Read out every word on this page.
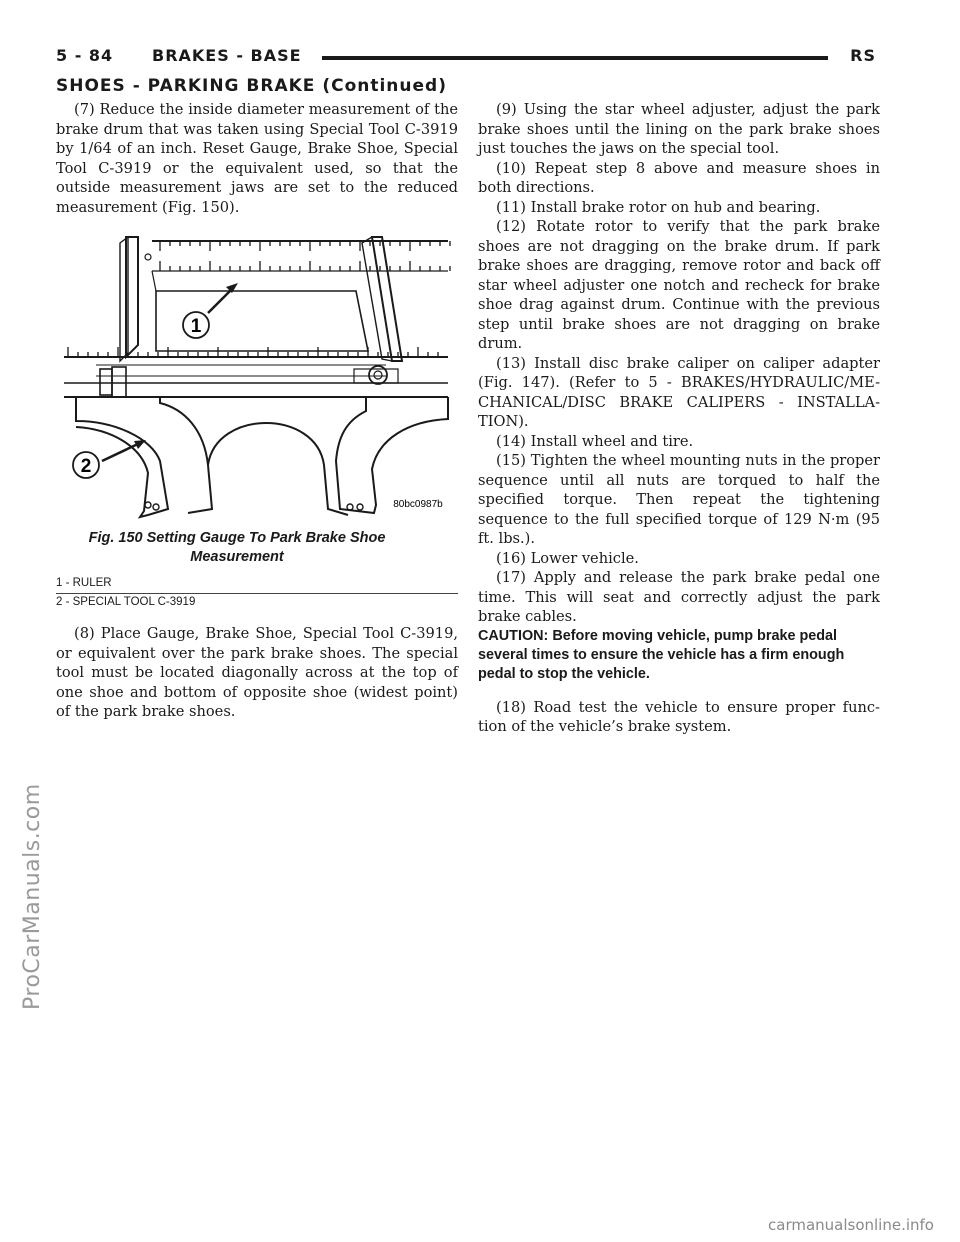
5 - 84 BRAKES - BASE	RS
SHOES - PARKING BRAKE (Continued)

(7) Reduce the inside diameter measurement of the brake drum that was taken using Special Tool C-3919 by 1/64 of an inch. Reset Gauge, Brake Shoe, Special Tool C-3919 or the equivalent used, so that the outside measurement jaws are set to the reduced measurement (Fig. 150).

1
2
80bc0987b
Fig. 150 Setting Gauge To Park Brake Shoe Measurement
1 - RULER
2 - SPECIAL TOOL C-3919

(8) Place Gauge, Brake Shoe, Special Tool C-3919, or equivalent over the park brake shoes. The special tool must be located diagonally across at the top of one shoe and bottom of opposite shoe (widest point) of the park brake shoes.

(9) Using the star wheel adjuster, adjust the park brake shoes until the lining on the park brake shoes just touches the jaws on the special tool.

(10) Repeat step 8 above and measure shoes in both directions.

(11) Install brake rotor on hub and bearing.

(12) Rotate rotor to verify that the park brake shoes are not dragging on the brake drum. If park brake shoes are dragging, remove rotor and back off star wheel adjuster one notch and recheck for brake shoe drag against drum. Continue with the previous step until brake shoes are not dragging on brake drum.

(13) Install disc brake caliper on caliper adapter (Fig. 147). (Refer to 5 - BRAKES/HYDRAULIC/ME-CHANICAL/DISC BRAKE CALIPERS - INSTALLA-TION).

(14) Install wheel and tire.

(15) Tighten the wheel mounting nuts in the proper sequence until all nuts are torqued to half the specified torque. Then repeat the tightening sequence to the full specified torque of 129 N·m (95 ft. lbs.).

(16) Lower vehicle.

(17) Apply and release the park brake pedal one time. This will seat and correctly adjust the park brake cables.

CAUTION: Before moving vehicle, pump brake pedal several times to ensure the vehicle has a firm enough pedal to stop the vehicle.

(18) Road test the vehicle to ensure proper func-tion of the vehicle’s brake system.

ProCarManuals.com
carmanualsonline.info
